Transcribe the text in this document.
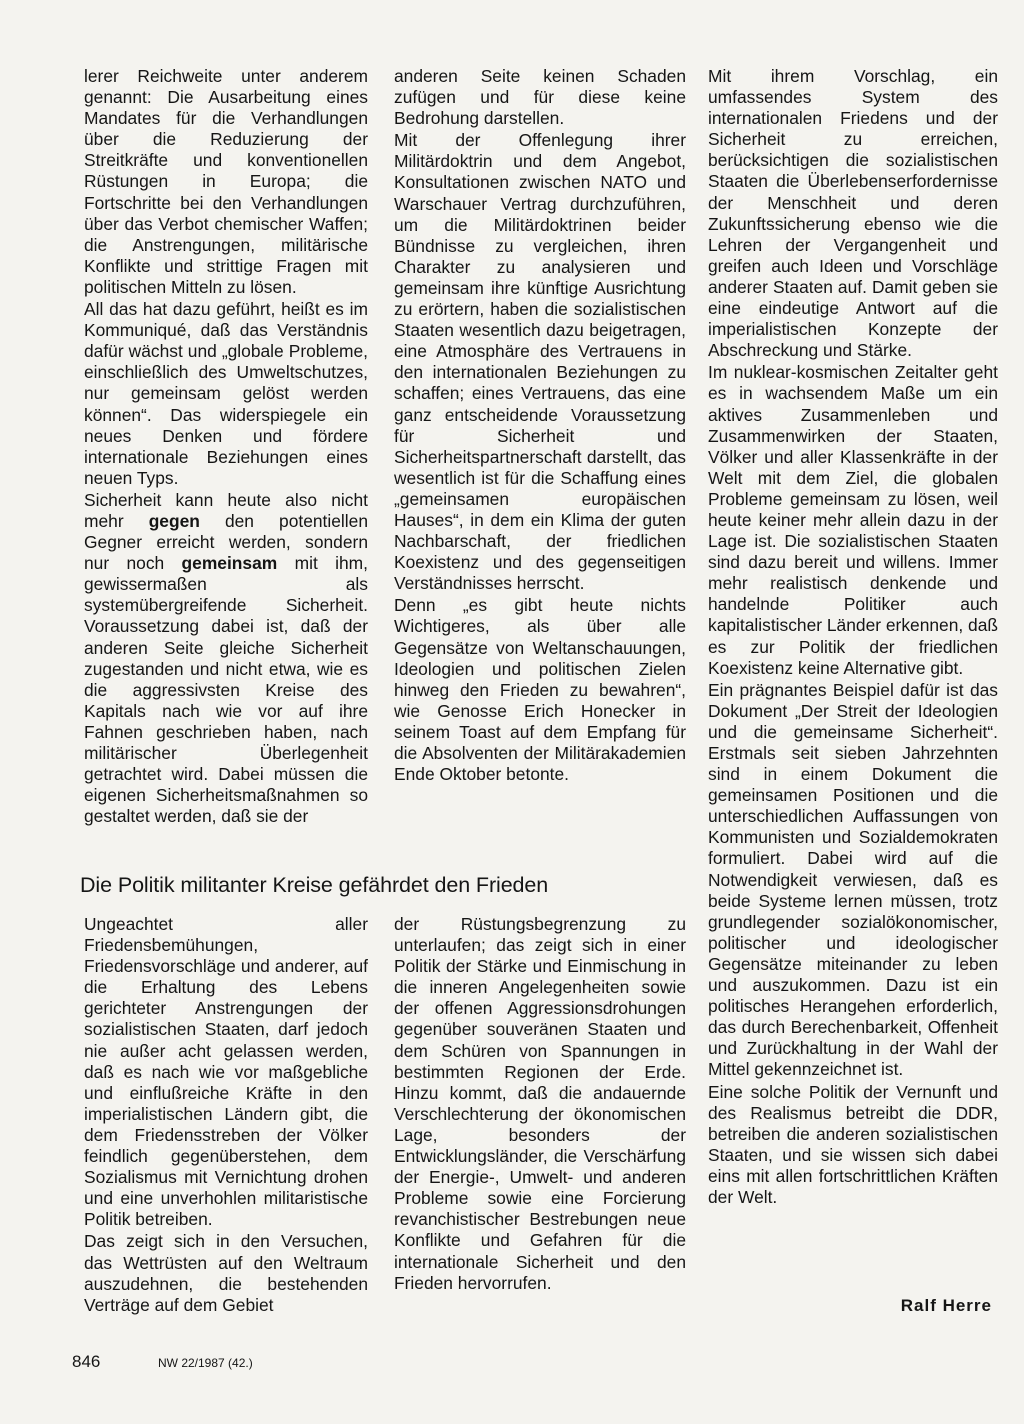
lerer Reichweite unter anderem genannt: Die Ausarbeitung eines Mandates für die Verhandlungen über die Reduzierung der Streitkräfte und konventionellen Rüstungen in Europa; die Fortschritte bei den Verhandlungen über das Verbot chemischer Waffen; die Anstrengungen, militärische Konflikte und strittige Fragen mit politischen Mitteln zu lösen.

All das hat dazu geführt, heißt es im Kommuniqué, daß das Verständnis dafür wächst und „globale Probleme, einschließlich des Umweltschutzes, nur gemeinsam gelöst werden können“. Das widerspiegele ein neues Denken und fördere internationale Beziehungen eines neuen Typs.

Sicherheit kann heute also nicht mehr gegen den potentiellen Gegner erreicht werden, sondern nur noch gemeinsam mit ihm, gewissermaßen als systemübergreifende Sicherheit. Voraussetzung dabei ist, daß der anderen Seite gleiche Sicherheit zugestanden und nicht etwa, wie es die aggressivsten Kreise des Kapitals nach wie vor auf ihre Fahnen geschrieben haben, nach militärischer Überlegenheit getrachtet wird. Dabei müssen die eigenen Sicherheitsmaßnahmen so gestaltet werden, daß sie der

anderen Seite keinen Schaden zufügen und für diese keine Bedrohung darstellen.

Mit der Offenlegung ihrer Militärdoktrin und dem Angebot, Konsultationen zwischen NATO und Warschauer Vertrag durchzuführen, um die Militärdoktrinen beider Bündnisse zu vergleichen, ihren Charakter zu analysieren und gemeinsam ihre künftige Ausrichtung zu erörtern, haben die sozialistischen Staaten wesentlich dazu beigetragen, eine Atmosphäre des Vertrauens in den internationalen Beziehungen zu schaffen; eines Vertrauens, das eine ganz entscheidende Voraussetzung für Sicherheit und Sicherheitspartnerschaft darstellt, das wesentlich ist für die Schaffung eines „gemeinsamen europäischen Hauses“, in dem ein Klima der guten Nachbarschaft, der friedlichen Koexistenz und des gegenseitigen Verständnisses herrscht.

Denn „es gibt heute nichts Wichtigeres, als über alle Gegensätze von Weltanschauungen, Ideologien und politischen Zielen hinweg den Frieden zu bewahren“, wie Genosse Erich Honecker in seinem Toast auf dem Empfang für die Absolventen der Militärakademien Ende Oktober betonte.

Mit ihrem Vorschlag, ein umfassendes System des internationalen Friedens und der Sicherheit zu erreichen, berücksichtigen die sozialistischen Staaten die Überlebenserfordernisse der Menschheit und deren Zukunftssicherung ebenso wie die Lehren der Vergangenheit und greifen auch Ideen und Vorschläge anderer Staaten auf. Damit geben sie eine eindeutige Antwort auf die imperialistischen Konzepte der Abschreckung und Stärke.

Im nuklear-kosmischen Zeitalter geht es in wachsendem Maße um ein aktives Zusammenleben und Zusammenwirken der Staaten, Völker und aller Klassenkräfte in der Welt mit dem Ziel, die globalen Probleme gemeinsam zu lösen, weil heute keiner mehr allein dazu in der Lage ist. Die sozialistischen Staaten sind dazu bereit und willens. Immer mehr realistisch denkende und handelnde Politiker auch kapitalistischer Länder erkennen, daß es zur Politik der friedlichen Koexistenz keine Alternative gibt.

Ein prägnantes Beispiel dafür ist das Dokument „Der Streit der Ideologien und die gemeinsame Sicherheit“. Erstmals seit sieben Jahrzehnten sind in einem Dokument die gemeinsamen Positionen und die unterschiedlichen Auffassungen von Kommunisten und Sozialdemokraten formuliert. Dabei wird auf die Notwendigkeit verwiesen, daß es beide Systeme lernen müssen, trotz grundlegender sozialökonomischer, politischer und ideologischer Gegensätze miteinander zu leben und auszukommen. Dazu ist ein politisches Herangehen erforderlich, das durch Berechenbarkeit, Offenheit und Zurückhaltung in der Wahl der Mittel gekennzeichnet ist.

Eine solche Politik der Vernunft und des Realismus betreibt die DDR, betreiben die anderen sozialistischen Staaten, und sie wissen sich dabei eins mit allen fortschrittlichen Kräften der Welt.

Die Politik militanter Kreise gefährdet den Frieden

Ungeachtet aller Friedensbemühungen, Friedensvorschläge und anderer, auf die Erhaltung des Lebens gerichteter Anstrengungen der sozialistischen Staaten, darf jedoch nie außer acht gelassen werden, daß es nach wie vor maßgebliche und einflußreiche Kräfte in den imperialistischen Ländern gibt, die dem Friedensstreben der Völker feindlich gegenüberstehen, dem Sozialismus mit Vernichtung drohen und eine unverhohlen militaristische Politik betreiben.

Das zeigt sich in den Versuchen, das Wettrüsten auf den Weltraum auszudehnen, die bestehenden Verträge auf dem Gebiet

der Rüstungsbegrenzung zu unterlaufen; das zeigt sich in einer Politik der Stärke und Einmischung in die inneren Angelegenheiten sowie der offenen Aggressionsdrohungen gegenüber souveränen Staaten und dem Schüren von Spannungen in bestimmten Regionen der Erde. Hinzu kommt, daß die andauernde Verschlechterung der ökonomischen Lage, besonders der Entwicklungsländer, die Verschärfung der Energie-, Umwelt- und anderen Probleme sowie eine Forcierung revanchistischer Bestrebungen neue Konflikte und Gefahren für die internationale Sicherheit und den Frieden hervorrufen.

Ralf Herre
846	NW 22/1987 (42.)
